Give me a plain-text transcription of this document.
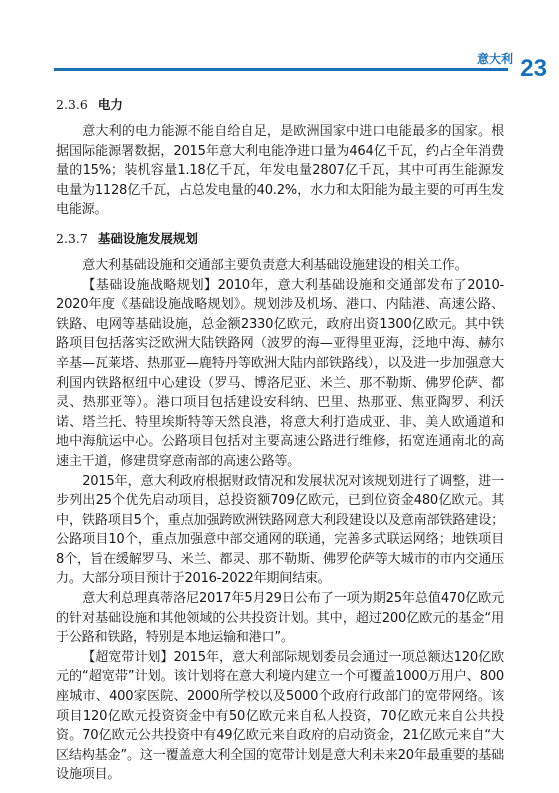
意大利 23
2.3.6 电力

意大利的电力能源不能自给自足，是欧洲国家中进口电能最多的国家。根据国际能源署数据，2015年意大利电能净进口量为464亿千瓦，约占全年消费量的15%；装机容量1.18亿千瓦，年发电量2807亿千瓦，其中可再生能源发电量为1128亿千瓦，占总发电量的40.2%，水力和太阳能为最主要的可再生发电能源。

2.3.7 基础设施发展规划

意大利基础设施和交通部主要负责意大利基础设施建设的相关工作。

【基础设施战略规划】2010年，意大利基础设施和交通部发布了2010-2020年度《基础设施战略规划》。规划涉及机场、港口、内陆港、高速公路、铁路、电网等基础设施，总金额2330亿欧元，政府出资1300亿欧元。其中铁路项目包括落实泛欧洲大陆铁路网（波罗的海—亚得里亚海，泛地中海、赫尔辛基—瓦莱塔、热那亚—鹿特丹等欧洲大陆内部铁路线），以及进一步加强意大利国内铁路枢纽中心建设（罗马、博洛尼亚、米兰、那不勒斯、佛罗伦萨、都灵、热那亚等）。港口项目包括建设安科纳、巴里、热那亚、焦亚陶罗、利沃诺、塔兰托、特里埃斯特等天然良港，将意大利打造成亚、非、美人欧通道和地中海航运中心。公路项目包括对主要高速公路进行维修，拓宽连通南北的高速主干道，修建贯穿意南部的高速公路等。

2015年，意大利政府根据财政情况和发展状况对该规划进行了调整，进一步列出25个优先启动项目，总投资额709亿欧元，已到位资金480亿欧元。其中，铁路项目5个，重点加强跨欧洲铁路网意大利段建设以及意南部铁路建设；公路项目10个，重点加强意中部交通网的联通，完善多式联运网络；地铁项目8个，旨在缓解罗马、米兰、都灵、那不勒斯、佛罗伦萨等大城市的市内交通压力。大部分项目预计于2016-2022年期间结束。

意大利总理真蒂洛尼2017年5月29日公布了一项为期25年总值470亿欧元的针对基础设施和其他领域的公共投资计划。其中，超过200亿欧元的基金“用于公路和铁路，特别是本地运输和港口”。

【超宽带计划】2015年，意大利部际规划委员会通过一项总额达120亿欧元的“超宽带”计划。该计划将在意大利境内建立一个可覆盖1000万用户、800座城市、400家医院、2000所学校以及5000个政府行政部门的宽带网络。该项目120亿欧元投资资金中有50亿欧元来自私人投资，70亿欧元来自公共投资。70亿欧元公共投资中有49亿欧元来自政府的启动资金，21亿欧元来自“大区结构基金”。这一覆盖意大利全国的宽带计划是意大利未来20年最重要的基础设施项目。
